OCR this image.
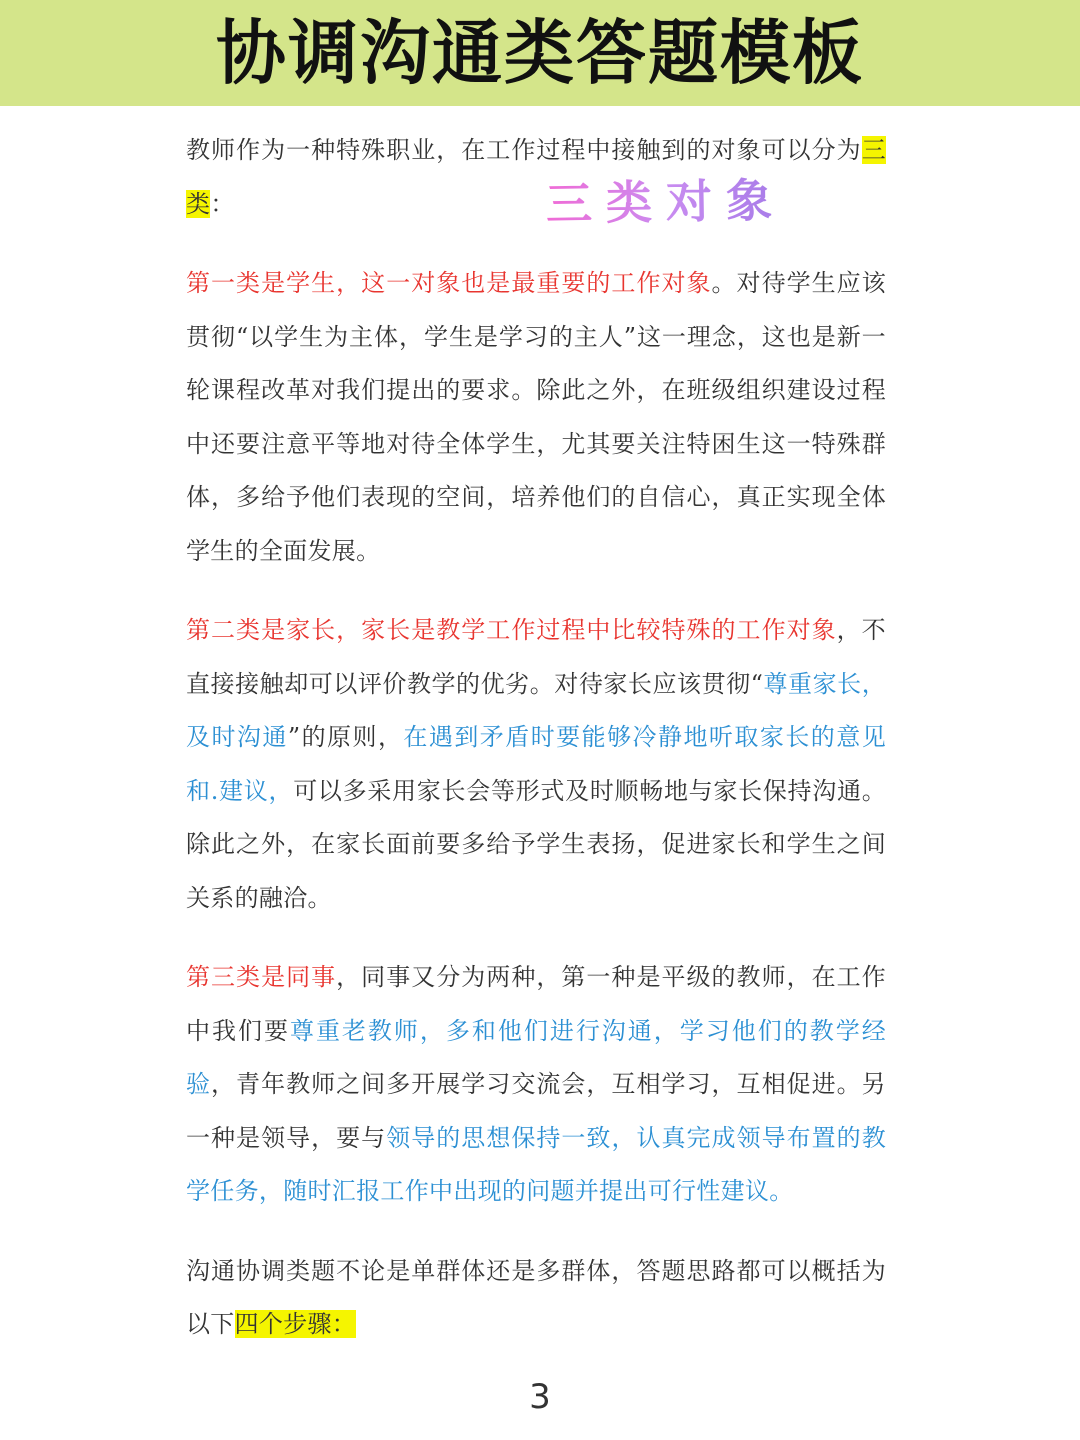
协调沟通类答题模板
三类对象

教师作为一种特殊职业，在工作过程中接触到的对象可以分为三类：

第一类是学生，这一对象也是最重要的工作对象。对待学生应该贯彻“以学生为主体，学生是学习的主人”这一理念，这也是新一轮课程改革对我们提出的要求。除此之外，在班级组织建设过程中还要注意平等地对待全体学生，尤其要关注特困生这一特殊群体，多给予他们表现的空间，培养他们的自信心，真正实现全体学生的全面发展。

第二类是家长，家长是教学工作过程中比较特殊的工作对象，不直接接触却可以评价教学的优劣。对待家长应该贯彻“尊重家长，及时沟通”的原则，在遇到矛盾时要能够冷静地听取家长的意见和.建议，可以多采用家长会等形式及时顺畅地与家长保持沟通。除此之外，在家长面前要多给予学生表扬，促进家长和学生之间关系的融洽。

第三类是同事，同事又分为两种，第一种是平级的教师，在工作中我们要尊重老教师，多和他们进行沟通，学习他们的教学经验，青年教师之间多开展学习交流会，互相学习，互相促进。另一种是领导，要与领导的思想保持一致，认真完成领导布置的教学任务，随时汇报工作中出现的问题并提出可行性建议。

沟通协调类题不论是单群体还是多群体，答题思路都可以概括为以下四个步骤：

3
